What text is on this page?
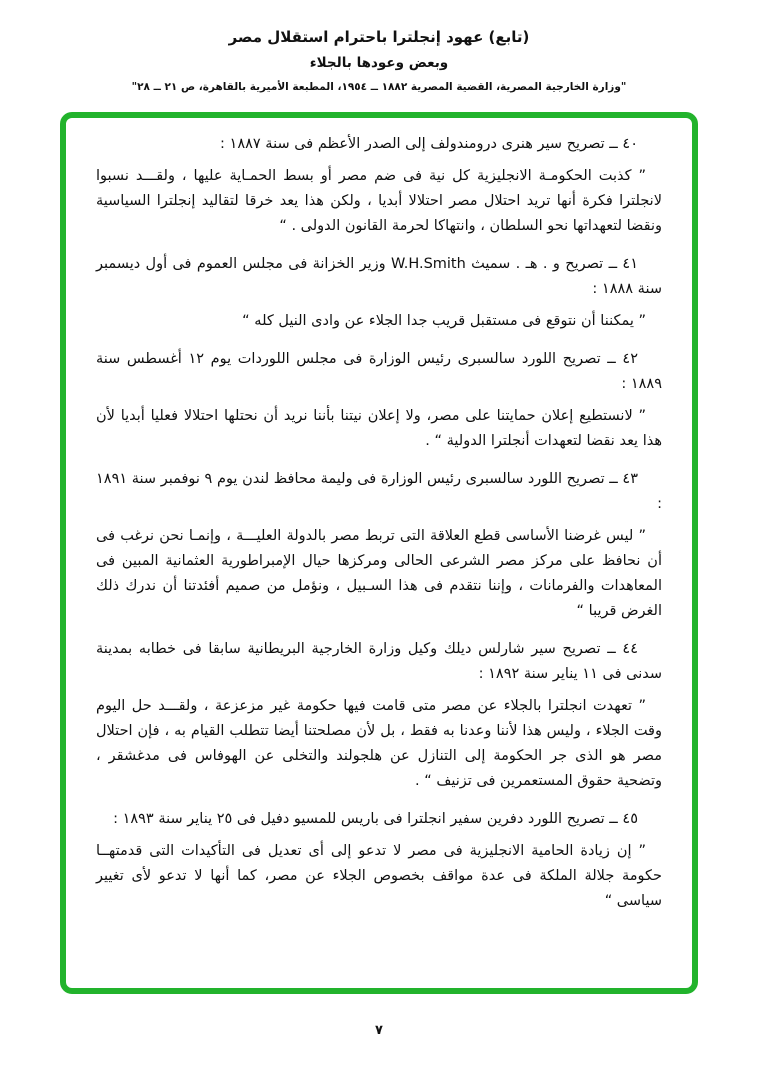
(تابع) عهود إنجلترا باحترام استقلال مصر

وبعض وعودها بالجلاء

"وزارة الخارجية المصرية، القضية المصرية ١٨٨٢ ــ ١٩٥٤، المطبعة الأميرية بالقاهرة، ص ٢١ ــ ٢٨"

٤٠ ــ تصريح سير هنرى درومندولف إلى الصدر الأعظم فى سنة ١٨٨٧ :

” كذبت الحكومـة الانجليزية كل نية فى ضم مصر أو بسط الحمـاية عليها ، ولقـــد نسبوا لانجلترا فكرة أنها تريد احتلال مصر احتلالا أبديا ، ولكن هذا يعد خرقا لتقاليد إنجلترا السياسية ونقضا لتعهداتها نحو السلطان ، وانتهاكا لحرمة القانون الدولى . “

٤١ ــ تصريح و . هـ . سميث W.H.Smith وزير الخزانة فى مجلس العموم فى أول ديسمبر سنة ١٨٨٨ :

” يمكننا أن نتوقع فى مستقبل قريب جدا الجلاء عن وادى النيل كله “

٤٢ ــ تصريح اللورد سالسبرى رئيس الوزارة فى مجلس اللوردات يوم ١٢ أغسطس سنة ١٨٨٩ :

” لانستطيع إعلان حمايتنا على مصر، ولا إعلان نيتنا بأننا نريد أن نحتلها احتلالا فعليا أبديا لأن هذا يعد نقضا لتعهدات أنجلترا الدولية “ .

٤٣ ــ تصريح اللورد سالسبرى رئيس الوزارة فى وليمة محافظ لندن يوم ٩ نوفمبر سنة ١٨٩١ :

” ليس غرضنا الأساسى قطع العلاقة التى تربط مصر بالدولة العليـــة ، وإنمـا نحن نرغب فى أن نحافظ على مركز مصر الشرعى الحالى ومركزها حيال الإمبراطورية العثمانية المبين فى المعاهدات والفرمانات ، وإننا نتقدم فى هذا السـبيل ، ونؤمل من صميم أفئدتنا أن ندرك ذلك الغرض قريبا “

٤٤ ــ تصريح سير شارلس ديلك وكيل وزارة الخارجية البريطانية سابقا فى خطابه بمدينة سدنى فى ١١ يناير سنة ١٨٩٢ :

” تعهدت انجلترا بالجلاء عن مصر متى قامت فيها حكومة غير مزعزعة ، ولقـــد حل اليوم وقت الجلاء ، وليس هذا لأننا وعدنا به فقط ، بل لأن مصلحتنا أيضا تتطلب القيام به ، فإن احتلال مصر هو الذى جر الحكومة إلى التنازل عن هلجولند والتخلى عن الهوفاس فى مدغشقر ، وتضحية حقوق المستعمرين فى تزنيف “ .

٤٥ ــ تصريح اللورد دفرين سفير انجلترا فى باريس للمسيو دفيل فى ٢٥ يناير سنة ١٨٩٣ :

” إن زيادة الحامية الانجليزية فى مصر لا تدعو إلى أى تعديل فى التأكيدات التى قدمتهــا حكومة جلالة الملكة فى عدة مواقف بخصوص الجلاء عن مصر، كما أنها لا تدعو لأى تغيير سياسى “

٧
